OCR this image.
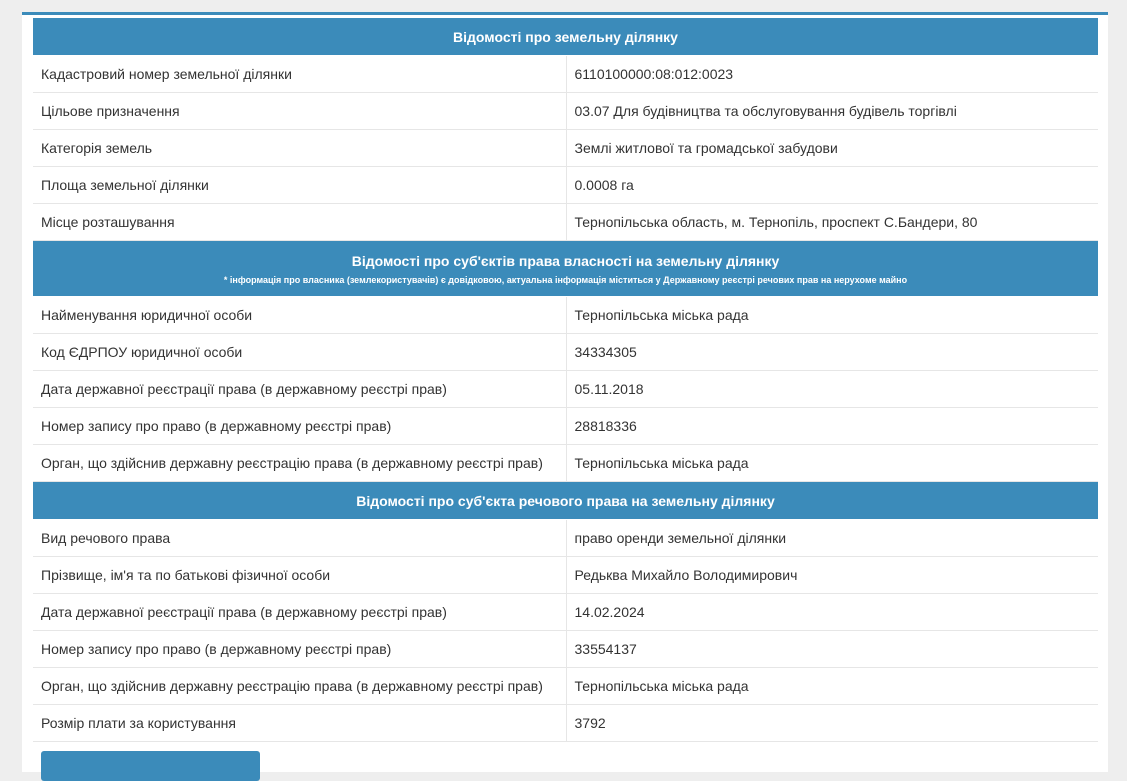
Відомості про земельну ділянку	
Кадастровий номер земельної ділянки	6110100000:08:012:0023
Цільове призначення	03.07 Для будівництва та обслуговування будівель торгівлі
Категорія земель	Землі житлової та громадської забудови
Площа земельної ділянки	0.0008 га
Місце розташування	Тернопільська область, м. Тернопіль, проспект С.Бандери, 80
Відомості про суб'єктів права власності на земельну ділянку
* інформація про власника (землекористувачів) є довідковою, актуальна інформація міститься у Державному реєстрі речових прав на нерухоме майно	

Найменування юридичної особи	Тернопільська міська рада
Код ЄДРПОУ юридичної особи	34334305
Дата державної реєстрації права (в державному реєстрі прав)	05.11.2018
Номер запису про право (в державному реєстрі прав)	28818336
Орган, що здійснив державну реєстрацію права (в державному реєстрі прав)	Тернопільська міська рада
Відомості про суб'єкта речового права на земельну ділянку	
Вид речового права	право оренди земельної ділянки
Прізвище, ім'я та по батькові фізичної особи	Редьква Михайло Володимирович
Дата державної реєстрації права (в державному реєстрі прав)	14.02.2024
Номер запису про право (в державному реєстрі прав)	33554137
Орган, що здійснив державну реєстрацію права (в державному реєстрі прав)	Тернопільська міська рада
Розмір плати за користування	3792
